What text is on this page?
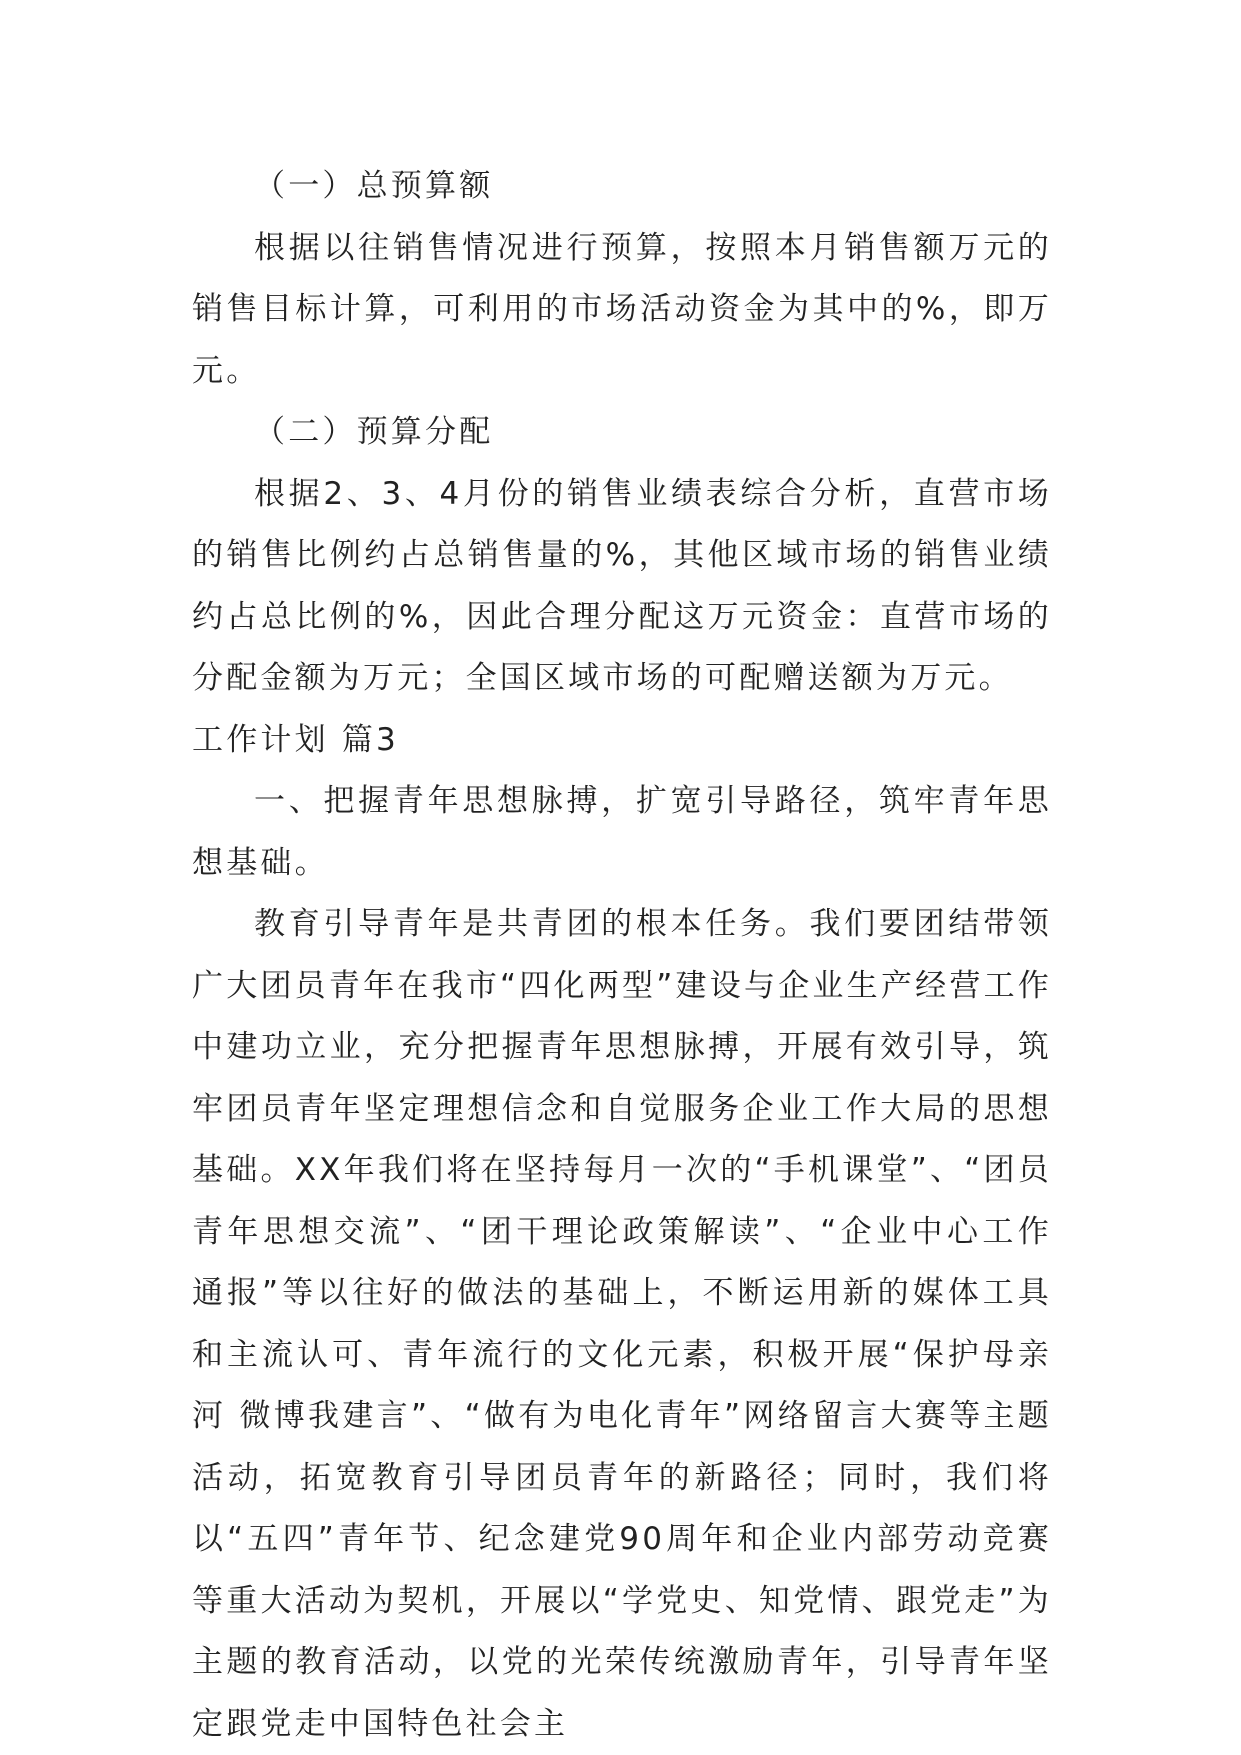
（一）总预算额

根据以往销售情况进行预算，按照本月销售额万元的销售目标计算，可利用的市场活动资金为其中的%，即万元。

（二）预算分配

根据2、3、4月份的销售业绩表综合分析，直营市场的销售比例约占总销售量的%，其他区域市场的销售业绩约占总比例的%，因此合理分配这万元资金：直营市场的分配金额为万元；全国区域市场的可配赠送额为万元。

工作计划 篇3

一、把握青年思想脉搏，扩宽引导路径，筑牢青年思想基础。

教育引导青年是共青团的根本任务。我们要团结带领广大团员青年在我市“四化两型”建设与企业生产经营工作中建功立业，充分把握青年思想脉搏，开展有效引导，筑牢团员青年坚定理想信念和自觉服务企业工作大局的思想基础。XX年我们将在坚持每月一次的“手机课堂”、“团员青年思想交流”、“团干理论政策解读”、“企业中心工作通报”等以往好的做法的基础上，不断运用新的媒体工具和主流认可、青年流行的文化元素，积极开展“保护母亲河 微博我建言”、“做有为电化青年”网络留言大赛等主题活动，拓宽教育引导团员青年的新路径；同时，我们将以“五四”青年节、纪念建党90周年和企业内部劳动竞赛等重大活动为契机，开展以“学党史、知党情、跟党走”为主题的教育活动，以党的光荣传统激励青年，引导青年坚定跟党走中国特色社会主
